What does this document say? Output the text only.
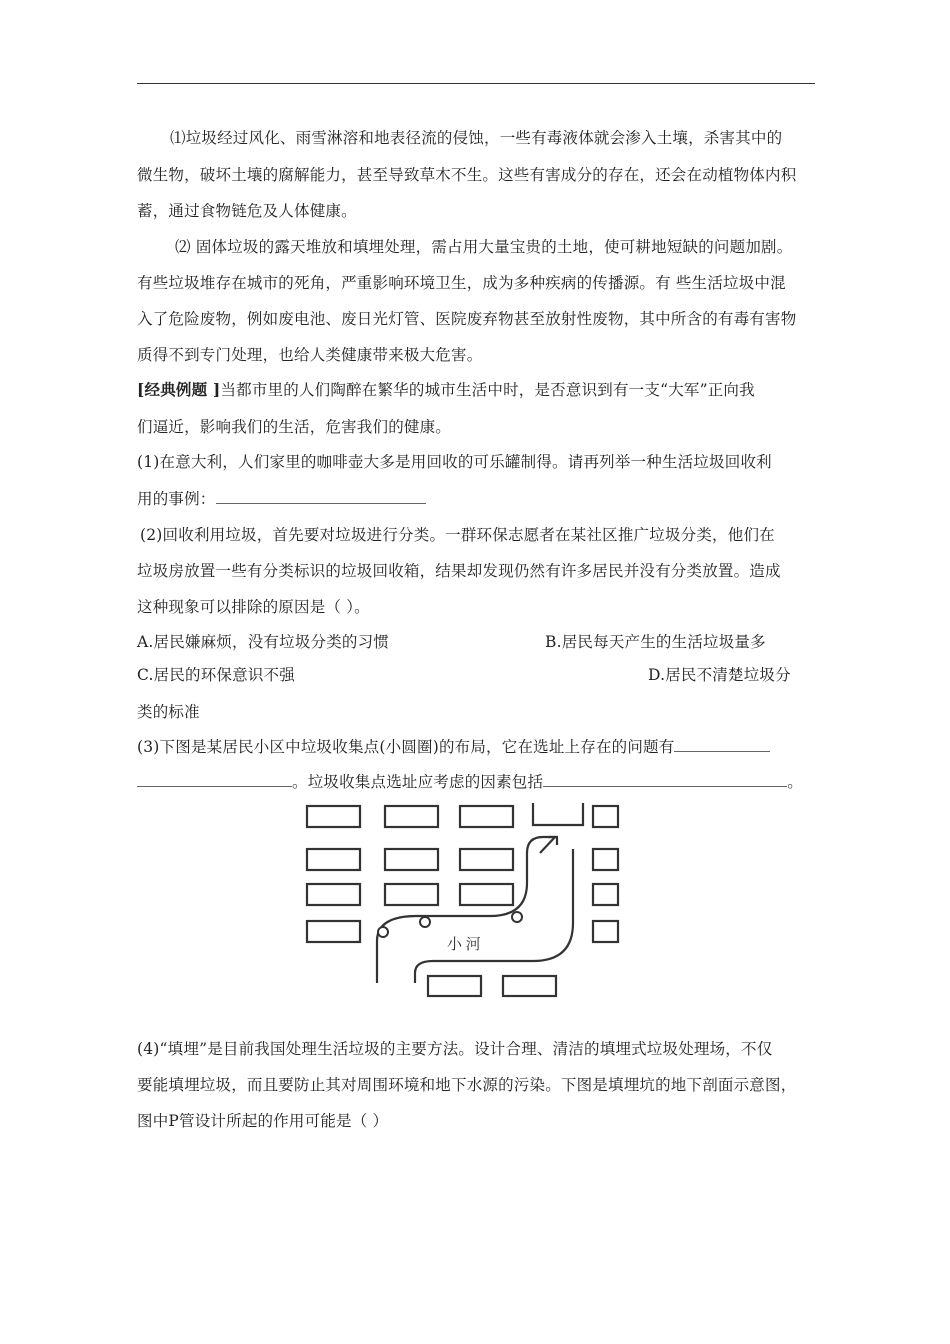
⑴垃圾经过风化、雨雪淋溶和地表径流的侵蚀，一些有毒液体就会渗入土壤，杀害其中的
微生物，破坏土壤的腐解能力，甚至导致草木不生。这些有害成分的存在，还会在动植物体内积
蓄，通过食物链危及人体健康。
⑵ 固体垃圾的露天堆放和填埋处理，需占用大量宝贵的土地，使可耕地短缺的问题加剧。
有些垃圾堆存在城市的死角，严重影响环境卫生，成为多种疾病的传播源。有 些生活垃圾中混
入了危险废物，例如废电池、废日光灯管、医院废弃物甚至放射性废物，其中所含的有毒有害物
质得不到专门处理，也给人类健康带来极大危害。
[经典例题 ]当都市里的人们陶醉在繁华的城市生活中时，是否意识到有一支“大军”正向我
们逼近，影响我们的生活，危害我们的健康。
(1)在意大利，人们家里的咖啡壶大多是用回收的可乐罐制得。请再列举一种生活垃圾回收利
用的事例：
(2)回收利用垃圾，首先要对垃圾进行分类。一群环保志愿者在某社区推广垃圾分类，他们在
垃圾房放置一些有分类标识的垃圾回收箱，结果却发现仍然有许多居民并没有分类放置。造成
这种现象可以排除的原因是（ ）。
A.居民嫌麻烦，没有垃圾分类的习惯	B.居民每天产生的生活垃圾量多
C.居民的环保意识不强	D.居民不清楚垃圾分
类的标准
(3)下图是某居民小区中垃圾收集点(小圆圈)的布局，它在选址上存在的问题有
。垃圾收集点选址应考虑的因素包括	。
小 河
(4)“填埋”是目前我国处理生活垃圾的主要方法。设计合理、清洁的填埋式垃圾处理场，不仅
要能填埋垃圾，而且要防止其对周围环境和地下水源的污染。下图是填埋坑的地下剖面示意图，
图中P管设计所起的作用可能是（ ）
